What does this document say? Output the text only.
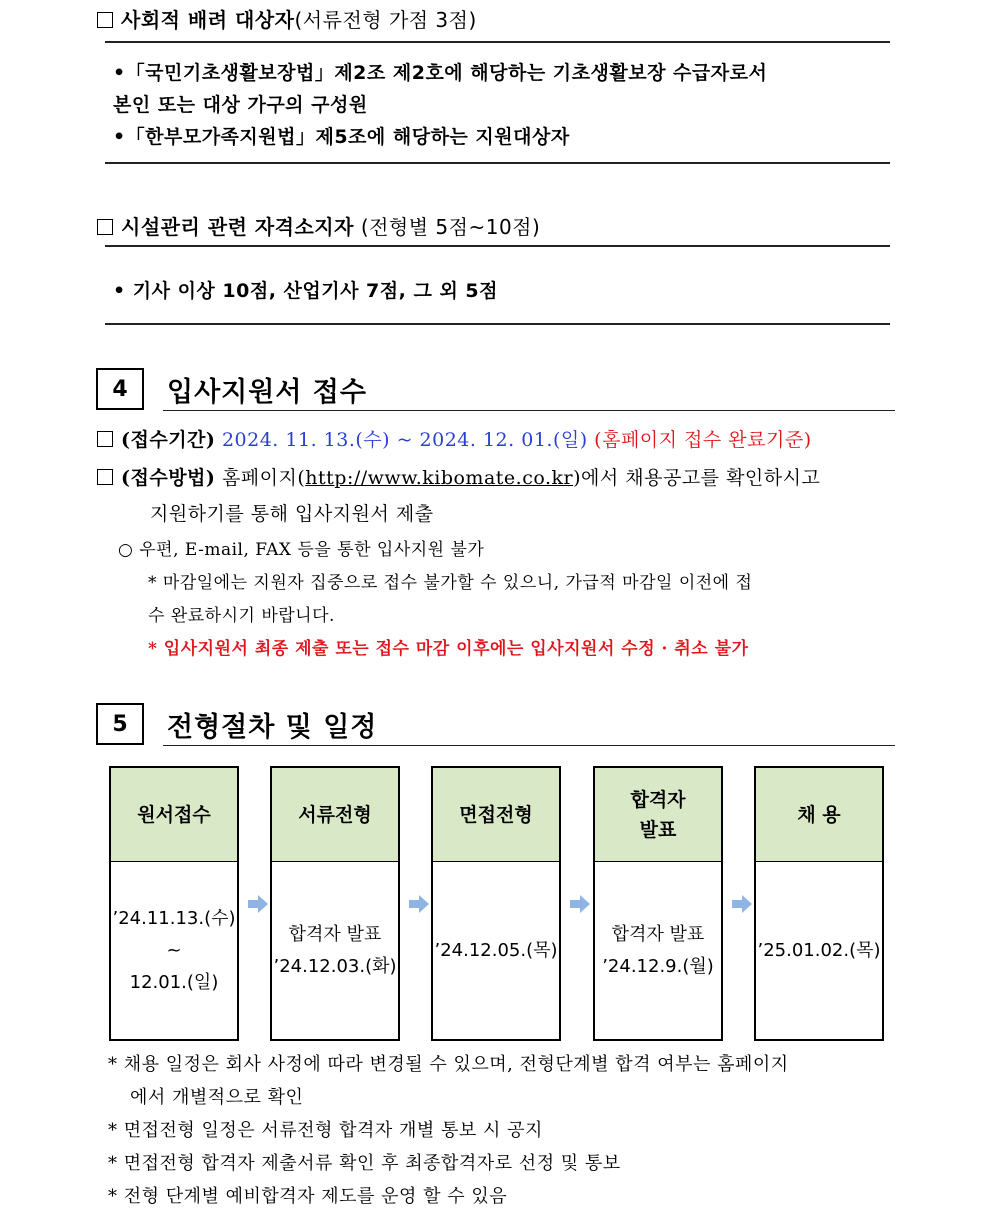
사회적 배려 대상자(서류전형 가점 3점)
•「국민기초생활보장법」제2조 제2호에 해당하는 기초생활보장 수급자로서
본인 또는 대상 가구의 구성원
•「한부모가족지원법」제5조에 해당하는 지원대상자
시설관리 관련 자격소지자 (전형별 5점~10점)
• 기사 이상 10점, 산업기사 7점, 그 외 5점
4	입사지원서 접수
(접수기간) 2024. 11. 13.(수) ~ 2024. 12. 01.(일) (홈페이지 접수 완료기준)
(접수방법) 홈페이지(http://www.kibomate.co.kr)에서 채용공고를 확인하시고
지원하기를 통해 입사지원서 제출
○ 우편, E-mail, FAX 등을 통한 입사지원 불가
* 마감일에는 지원자 집중으로 접수 불가할 수 있으니, 가급적 마감일 이전에 접
수 완료하시기 바랍니다.
* 입사지원서 최종 제출 또는 접수 마감 이후에는 입사지원서 수정 · 취소 불가
5	전형절차 및 일정
원서접수
’24.11.13.(수)
~
12.01.(일)
서류전형
합격자 발표
’24.12.03.(화)
면접전형
’24.12.05.(목)
합격자
발표
합격자 발표
’24.12.9.(월)
채 용
’25.01.02.(목)
* 채용 일정은 회사 사정에 따라 변경될 수 있으며, 전형단계별 합격 여부는 홈페이지
에서 개별적으로 확인
* 면접전형 일정은 서류전형 합격자 개별 통보 시 공지
* 면접전형 합격자 제출서류 확인 후 최종합격자로 선정 및 통보
* 전형 단계별 예비합격자 제도를 운영 할 수 있음
